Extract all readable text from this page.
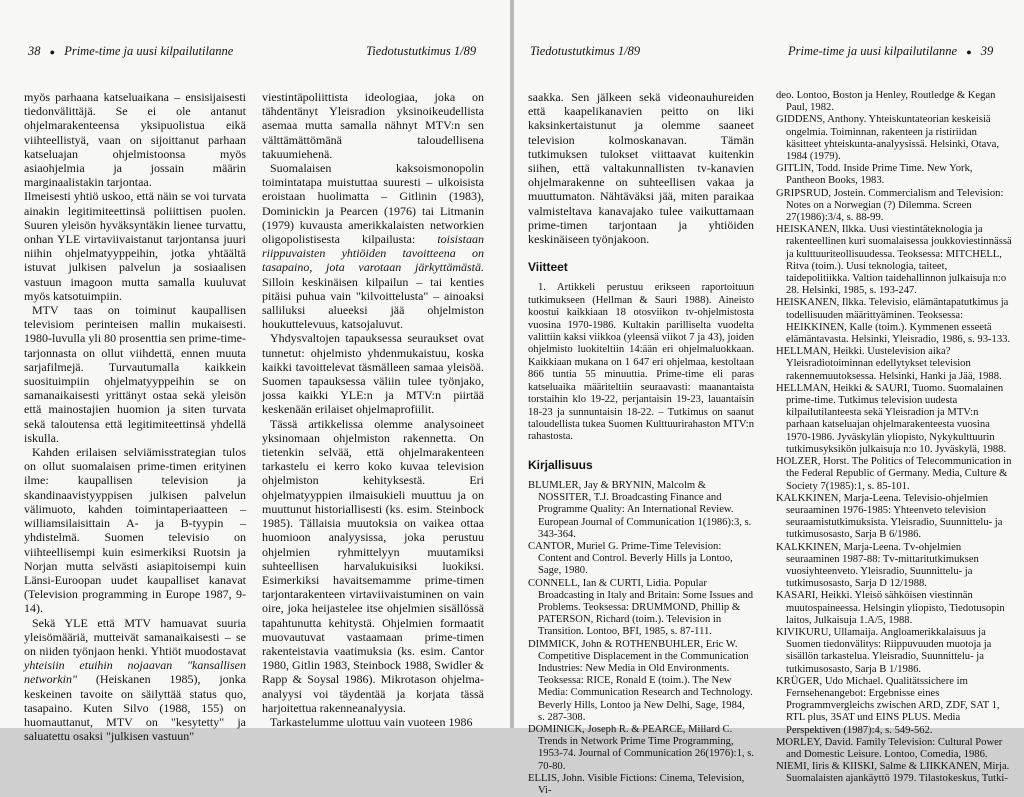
38 ● Prime-time ja uusi kilpailutilanne	Tiedotustutkimus 1/89

myös parhaana katseluaikana – ensisijaisesti tiedonvälittäjä. Se ei ole antanut ohjelmarakenteensa yksipuolistua eikä viihteellistyä, vaan on sijoittanut parhaan katseluajan ohjelmistoonsa myös asiaohjelmia ja jossain määrin marginaalistakin tarjontaa.

Ilmeisesti yhtiö uskoo, että näin se voi turvata ainakin legitimiteettinsä poliittisen puolen. Suuren yleisön hyväksyntäkin lienee turvattu, onhan YLE virtaviivaistanut tarjontansa juuri niihin ohjelmatyyppeihin, jotka yhtäältä istuvat julkisen palvelun ja sosiaalisen vastuun imagoon mutta samalla kuuluvat myös katsotuimpiin.

MTV taas on toiminut kaupallisen televisiom perinteisen mallin mukaisesti. 1980-luvulla yli 80 prosenttia sen prime-time-tarjonnasta on ollut viihdettä, ennen muuta sarjafilmejä. Turvautumalla kaikkein suosituimpiin ohjelmatyyppeihin se on samanaikaisesti yrittänyt ostaa sekä yleisön että mainostajien huomion ja siten turvata sekä taloutensa että legitimiteettinsä yhdellä iskulla.

Kahden erilaisen selviämisstrategian tulos on ollut suomalaisen prime-timen erityinen ilme: kaupallisen television ja skandinaavistyyppisen julkisen palvelun välimuoto, kahden toimintaperiaatteen – williamsilaisittain A- ja B-tyypin – yhdistelmä. Suomen televisio on viihteellisempi kuin esimerkiksi Ruotsin ja Norjan mutta selvästi asiapitoisempi kuin Länsi-Euroopan uudet kaupalliset kanavat (Television programming in Europe 1987, 9-14).

Sekä YLE että MTV hamuavat suuria yleisömääriä, mutteivät samanaikaisesti – se on niiden työnjaon henki. Yhtiöt muodostavat yhteisiin etuihin nojaavan "kansallisen networkin" (Heiskanen 1985), jonka keskeinen tavoite on säilyttää status quo, tasapaino. Kuten Silvo (1988, 155) on huomauttanut, MTV on "kesytetty" ja saluatettu osaksi "julkisen vastuun"

viestintäpoliittista ideologiaa, joka on tähdentänyt Yleisradion yksinoikeudellista asemaa mutta samalla nähnyt MTV:n sen välttämättömänä taloudellisena takuumiehenä.

Suomalaisen kaksoismonopolin toimintatapa muistuttaa suuresti – ulkoisista eroistaan huolimatta – Gitlinin (1983), Dominickin ja Pearcen (1976) tai Litmanin (1979) kuvausta amerikkalaisten networkien oligopolistisesta kilpailusta: toisistaan riippuvaisten yhtiöiden tavoitteena on tasapaino, jota varotaan järkyttämästä. Silloin keskinäisen kilpailun – tai kenties pitäisi puhua vain "kilvoittelusta" – ainoaksi salliluksi alueeksi jää ohjelmiston houkuttelevuus, katsojaluvut.

Yhdysvaltojen tapauksessa seuraukset ovat tunnetut: ohjelmisto yhdenmukaistuu, koska kaikki tavoittelevat täsmälleen samaa yleisöä. Suomen tapauksessa väliin tulee työnjako, jossa kaikki YLE:n ja MTV:n piirtää keskenään erilaiset ohjelmaprofiilit.

Tässä artikkelissa olemme analysoineet yksinomaan ohjelmiston rakennetta. On tietenkin selvää, että ohjelmarakenteen tarkastelu ei kerro koko kuvaa television ohjelmiston kehityksestä. Eri ohjelmatyyppien ilmaisukieli muuttuu ja on muuttunut historiallisesti (ks. esim. Steinbock 1985). Tällaisia muutoksia on vaikea ottaa huomioon analyysissa, joka perustuu ohjelmien ryhmittelyyn muutamiksi suhteellisen harvalukuisiksi luokiksi. Esimerkiksi havaitsemamme prime-timen tarjontarakenteen virtaviivaistuminen on vain oire, joka heijastelee itse ohjelmien sisällössä tapahtunutta kehitystä. Ohjelmien formaatit muovautuvat vastaamaan prime-timen rakenteistavia vaatimuksia (ks. esim. Cantor 1980, Gitlin 1983, Steinbock 1988, Swidler & Rapp & Soysal 1986). Mikrotason ohjelma-analyysi voi täydentää ja korjata tässä harjoitettua rakenneanalyysia.

Tarkastelumme ulottuu vain vuoteen 1986

Tiedotustutkimus 1/89	Prime-time ja uusi kilpailutilanne ● 39

saakka. Sen jälkeen sekä videonauhureiden että kaapelikanavien peitto on liki kaksinkertaistunut ja olemme saaneet television kolmoskanavan. Tämän tutkimuksen tulokset viittaavat kuitenkin siihen, että valtakunnallisten tv-kanavien ohjelmarakenne on suhteellisen vakaa ja muuttumaton. Nähtäväksi jää, miten paraikaa valmisteltava kanavajako tulee vaikuttamaan prime-timen tarjontaan ja yhtiöiden keskinäiseen työnjakoon.

Viitteet

1. Artikkeli perustuu erikseen raportoituun tutkimukseen (Hellman & Sauri 1988). Aineisto koostui kaikkiaan 18 otosviikon tv-ohjelmistosta vuosina 1970-1986. Kultakin parilliselta vuodelta valittiin kaksi viikkoa (yleensä viikot 7 ja 43), joiden ohjelmisto luokiteltiin 14:ään eri ohjelmaluokkaan. Kaikkiaan mukana on 1 647 eri ohjelmaa, kestoltaan 866 tuntia 55 minuuttia. Prime-time eli paras katseluaika määriteltiin seuraavasti: maanantaista torstaihin klo 19-22, perjantaisin 19-23, lauantaisin 18-23 ja sunnuntaisin 18-22. – Tutkimus on saanut taloudellista tukea Suomen Kulttuurirahaston MTV:n rahastosta.

Kirjallisuus

BLUMLER, Jay & BRYNIN, Malcolm & NOSSITER, T.J. Broadcasting Finance and Programme Quality: An International Review. European Journal of Communication 1(1986):3, s. 343-364.

CANTOR, Muriel G. Prime-Time Television: Content and Control. Beverly Hills ja Lontoo, Sage, 1980.

CONNELL, Ian & CURTI, Lidia. Popular Broadcasting in Italy and Britain: Some Issues and Problems. Teoksessa: DRUMMOND, Phillip & PATERSON, Richard (toim.). Television in Transition. Lontoo, BFI, 1985, s. 87-111.

DIMMICK, John & ROTHENBUHLER, Eric W. Competitive Displacement in the Communication Industries: New Media in Old Environments. Teoksessa: RICE, Ronald E (toim.). The New Media: Communication Research and Technology. Beverly Hills, Lontoo ja New Delhi, Sage, 1984, s. 287-308.

DOMINICK, Joseph R. & PEARCE, Millard C. Trends in Network Prime Time Programming, 1953-74. Journal of Communication 26(1976):1, s. 70-80.

ELLIS, John. Visible Fictions: Cinema, Television, Vi-

deo. Lontoo, Boston ja Henley, Routledge & Kegan Paul, 1982.

GIDDENS, Anthony. Yhteiskuntateorian keskeisiä ongelmia. Toiminnan, rakenteen ja ristiriidan käsitteet yhteiskunta-analyysissä. Helsinki, Otava, 1984 (1979).

GITLIN, Todd. Inside Prime Time. New York, Pantheon Books, 1983.

GRIPSRUD, Jostein. Commercialism and Television: Notes on a Norwegian (?) Dilemma. Screen 27(1986):3/4, s. 88-99.

HEISKANEN, Ilkka. Uusi viestintäteknologia ja rakenteellinen kuri suomalaisessa joukkoviestinnässä ja kulttuuriteollisuudessa. Teoksessa: MITCHELL, Ritva (toim.). Uusi teknologia, taiteet, taidepolitiikka. Valtion taidehallinnon julkaisuja n:o 28. Helsinki, 1985, s. 193-247.

HEISKANEN, Ilkka. Televisio, elämäntapatutkimus ja todellisuuden määrittyäminen. Teoksessa: HEIKKINEN, Kalle (toim.). Kymmenen esseetä elämäntavasta. Helsinki, Yleisradio, 1986, s. 93-133.

HELLMAN, Heikki. Uustelevision aika? Yleisradiotoiminnan edellytykset television rakennemuutoksessa. Helsinki, Hanki ja Jää, 1988.

HELLMAN, Heikki & SAURI, Tuomo. Suomalainen prime-time. Tutkimus television uudesta kilpailutilanteesta sekä Yleisradion ja MTV:n parhaan katseluajan ohjelmarakenteesta vuosina 1970-1986. Jyväskylän yliopisto, Nykykulttuurin tutkimusyksikön julkaisuja n:o 10. Jyväskylä, 1988.

HOLZER, Horst. The Politics of Telecommunication in the Federal Republic of Germany. Media, Culture & Society 7(1985):1, s. 85-101.

KALKKINEN, Marja-Leena. Televisio-ohjelmien seuraaminen 1976-1985: Yhteenveto television seuraamistutkimuksista. Yleisradio, Suunnittelu- ja tutkimusosasto, Sarja B 6/1986.

KALKKINEN, Marja-Leena. Tv-ohjelmien seuraaminen 1987-88: Tv-mittaritutkimuksen vuosiyhteenveto. Yleisradio, Suunnittelu- ja tutkimusosasto, Sarja D 12/1988.

KASARI, Heikki. Yleisö sähköisen viestinnän muutospaineessa. Helsingin yliopisto, Tiedotusopin laitos, Julkaisuja 1.A/5, 1988.

KIVIKURU, Ullamaija. Angloamerikkalaisuus ja Suomen tiedonvälitys: Riippuvuuden muotoja ja sisällön tarkastelua. Yleisradio, Suunnittelu- ja tutkimusosasto, Sarja B 1/1986.

KRÜGER, Udo Michael. Qualitätssichere im Fernsehenangebot: Ergebnisse eines Programmvergleichs zwischen ARD, ZDF, SAT 1, RTL plus, 3SAT und EINS PLUS. Media Perspektiven (1987):4, s. 549-562.

MORLEY, David. Family Television: Cultural Power and Domestic Leisure. Lontoo, Comedia, 1986.

NIEMI, Iiris & KIISKI, Salme & LIIKKANEN, Mirja. Suomalaisten ajankäyttö 1979. Tilastokeskus, Tutki-
